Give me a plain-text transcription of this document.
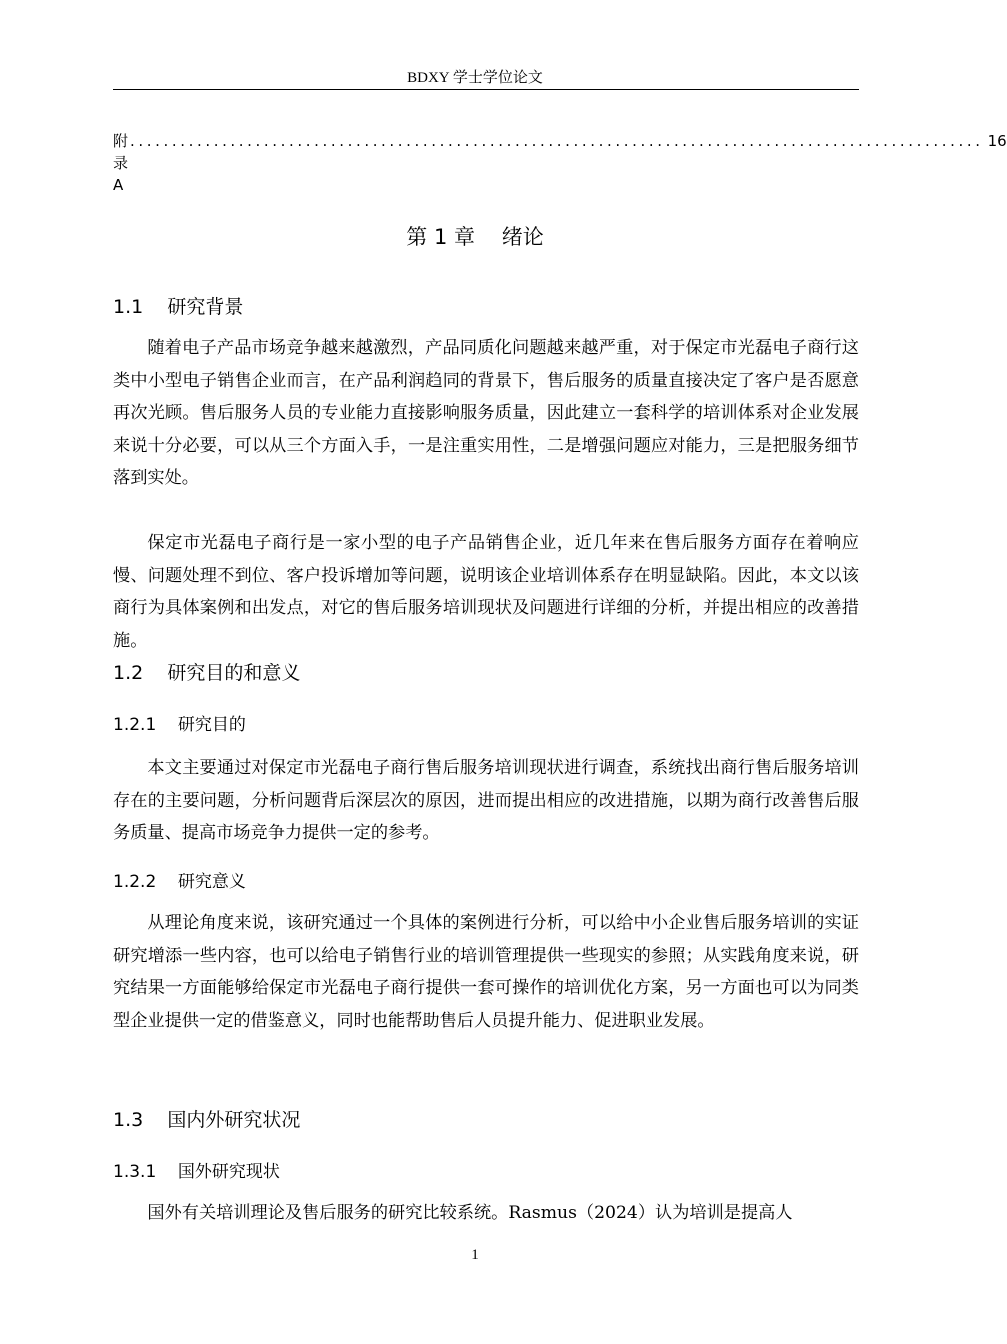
BDXY 学士学位论文
附录 A
...................................................................................................... 16
第 1 章    绪论
1.1    研究背景

随着电子产品市场竞争越来越激烈，产品同质化问题越来越严重，对于保定市光磊电子商行这类中小型电子销售企业而言，在产品利润趋同的背景下，售后服务的质量直接决定了客户是否愿意再次光顾。售后服务人员的专业能力直接影响服务质量，因此建立一套科学的培训体系对企业发展来说十分必要，可以从三个方面入手，一是注重实用性，二是增强问题应对能力，三是把服务细节落到实处。

保定市光磊电子商行是一家小型的电子产品销售企业，近几年来在售后服务方面存在着响应慢、问题处理不到位、客户投诉增加等问题，说明该企业培训体系存在明显缺陷。因此，本文以该商行为具体案例和出发点，对它的售后服务培训现状及问题进行详细的分析，并提出相应的改善措施。

1.2    研究目的和意义
1.2.1    研究目的

本文主要通过对保定市光磊电子商行售后服务培训现状进行调查，系统找出商行售后服务培训存在的主要问题，分析问题背后深层次的原因，进而提出相应的改进措施，以期为商行改善售后服务质量、提高市场竞争力提供一定的参考。

1.2.2    研究意义

从理论角度来说，该研究通过一个具体的案例进行分析，可以给中小企业售后服务培训的实证研究增添一些内容，也可以给电子销售行业的培训管理提供一些现实的参照；从实践角度来说，研究结果一方面能够给保定市光磊电子商行提供一套可操作的培训优化方案，另一方面也可以为同类型企业提供一定的借鉴意义，同时也能帮助售后人员提升能力、促进职业发展。

1.3    国内外研究状况
1.3.1    国外研究现状

国外有关培训理论及售后服务的研究比较系统。Rasmus（2024）认为培训是提高人

1
